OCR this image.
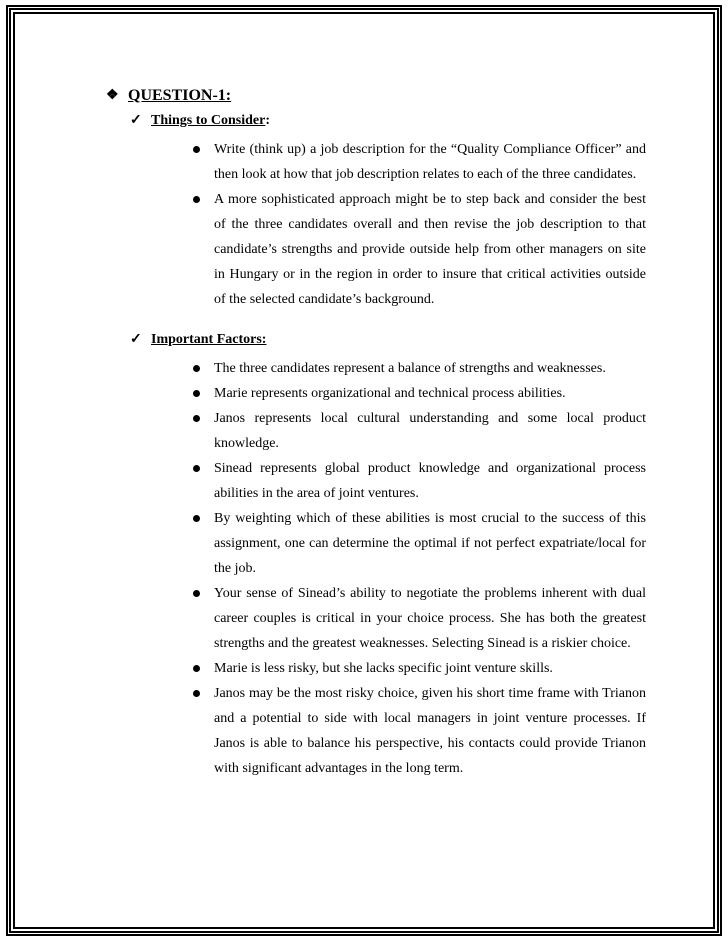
❖ QUESTION-1:
✓ Things to Consider :
Write (think up) a job description for the “Quality Compliance Officer” and then look at how that job description relates to each of the three candidates.
A more sophisticated approach might be to step back and consider the best of the three candidates overall and then revise the job description to that candidate’s strengths and provide outside help from other managers on site in Hungary or in the region in order to insure that critical activities outside of the selected candidate’s background.
✓ Important Factors:
The three candidates represent a balance of strengths and weaknesses.
Marie represents organizational and technical process abilities.
Janos represents local cultural understanding and some local product knowledge.
Sinead represents global product knowledge and organizational process abilities in the area of joint ventures.
By weighting which of these abilities is most crucial to the success of this assignment, one can determine the optimal if not perfect expatriate/local for the job.
Your sense of Sinead’s ability to negotiate the problems inherent with dual career couples is critical in your choice process. She has both the greatest strengths and the greatest weaknesses. Selecting Sinead is a riskier choice.
Marie is less risky, but she lacks specific joint venture skills.
Janos may be the most risky choice, given his short time frame with Trianon and a potential to side with local managers in joint venture processes. If Janos is able to balance his perspective, his contacts could provide Trianon with significant advantages in the long term.
